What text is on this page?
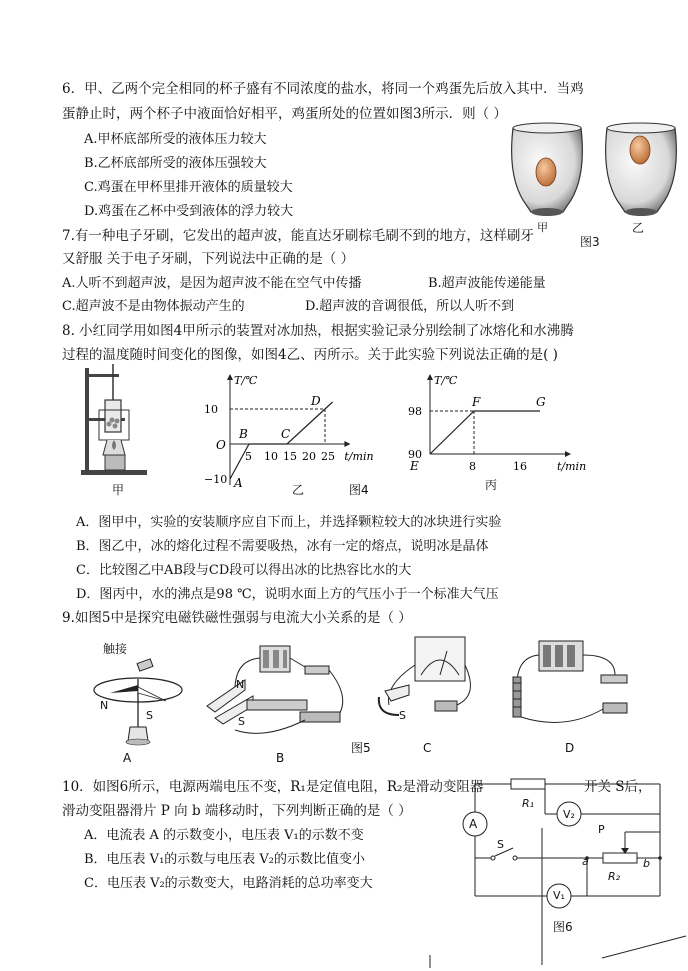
6．甲、乙两个完全相同的杯子盛有不同浓度的盐水，将同一个鸡蛋先后放入其中．当鸡
蛋静止时，两个杯子中液面恰好相平，鸡蛋所处的位置如图3所示．则（ ）
A.甲杯底部所受的液体压力较大
B.乙杯底部所受的液体压强较大
C.鸡蛋在甲杯里排开液体的质量较大
D.鸡蛋在乙杯中受到液体的浮力较大
甲
图3
乙
7.有一种电子牙刷，它发出的超声波，能直达牙刷棕毛刷不到的地方，这样刷牙
又舒服 关于电子牙刷，下列说法中正确的是（ ）
A.人听不到超声波，是因为超声波不能在空气中传播	B.超声波能传递能量
C.超声波不是由物体振动产生的	D.超声波的音调很低，所以人听不到
8. 小红同学用如图4甲所示的装置对冰加热，根据实验记录分别绘制了冰熔化和水沸腾
过程的温度随时间变化的图像，如图4乙、丙所示。关于此实验下列说法正确的是( )
甲
T/℃
t/min
O
5 10 15 20 25
10
−10 A
B	C
D
乙	图4
T/℃
t/min
8	16
98
90
E
F	G
丙
A．图甲中，实验的安装顺序应自下而上，并选择颗粒较大的冰块进行实验
B．图乙中，冰的熔化过程不需要吸热，冰有一定的熔点，说明冰是晶体
C．比较图乙中AB段与CD段可以得出冰的比热容比水的大
D．图丙中，水的沸点是98 ℃，说明水面上方的气压小于一个标准大气压
9.如图5中是探究电磁铁磁性强弱与电流大小关系的是（ ）
触接
N
S
A
N
S
B
S
图5	C	D
10．如图6所示，电源两端电压不变，R₁是定值电阻，R₂是滑动变阻器	开关 S后，
滑动变阻器滑片 P 向 b 端移动时，下列判断正确的是（ ）
A．电流表 A 的示数变小，电压表 V₁的示数不变
B．电压表 V₁的示数与电压表 V₂的示数比值变小
C．电压表 V₂的示数变大，电路消耗的总功率变大
R₁
A
V₂
S
P
a	b
R₂
V₁
图6
